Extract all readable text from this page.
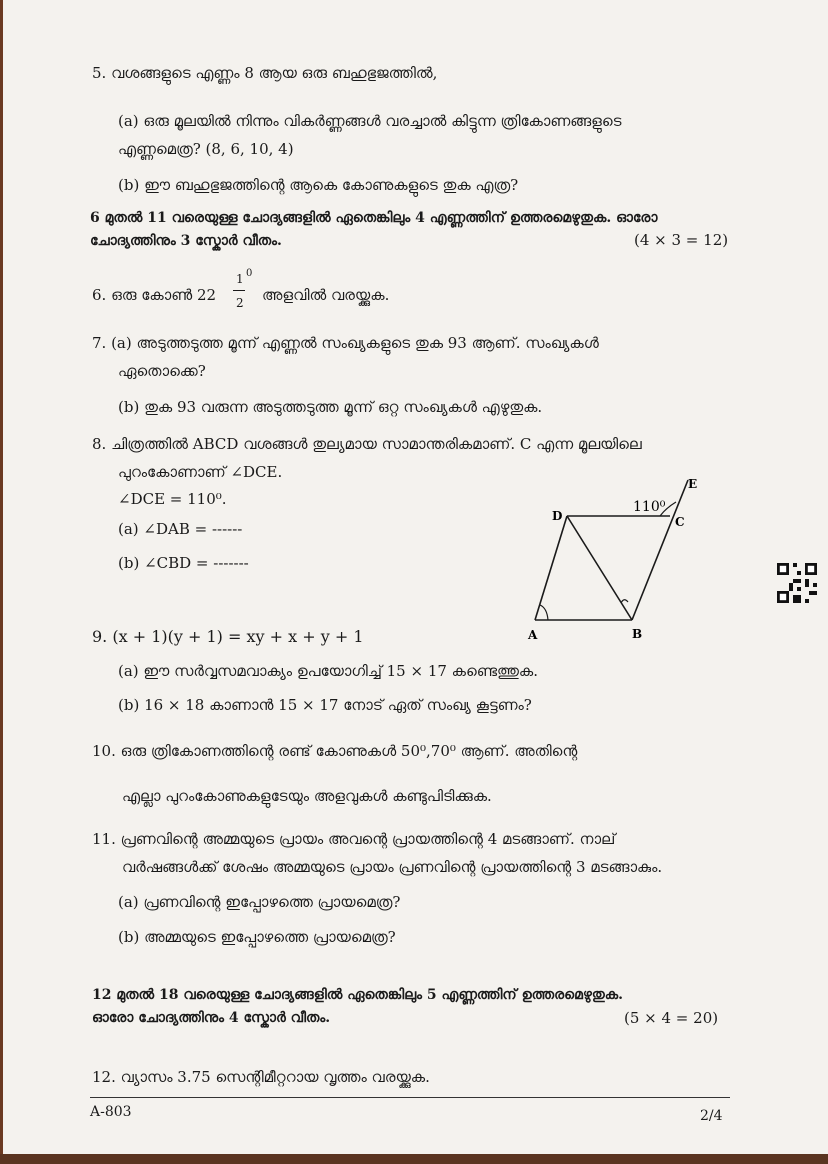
5. വശങ്ങളുടെ എണ്ണം 8 ആയ ഒരു ബഹുഭുജത്തിൽ,
(a) ഒരു മൂലയിൽ നിന്നും വികർണ്ണങ്ങൾ വരച്ചാൽ കിട്ടുന്ന ത്രികോണങ്ങളുടെ
എണ്ണമെത്ര? (8, 6, 10, 4)
(b) ഈ ബഹുഭുജത്തിന്റെ ആകെ കോണുകളുടെ തുക എത്ര?
6 മുതൽ 11 വരെയുള്ള ചോദ്യങ്ങളിൽ ഏതെങ്കിലും 4 എണ്ണത്തിന് ഉത്തരമെഴുതുക. ഓരോ
ചോദ്യത്തിനും 3 സ്കോർ വീതം.	(4 × 3 = 12)
6. ഒരു കോൺ 22
1
2
0
അളവിൽ വരയ്ക്കുക.
7. (a) അടുത്തടുത്ത മൂന്ന് എണ്ണൽ സംഖ്യകളുടെ തുക 93 ആണ്. സംഖ്യകൾ
ഏതൊക്കെ?
(b) തുക 93 വരുന്ന അടുത്തടുത്ത മൂന്ന് ഒറ്റ സംഖ്യകൾ എഴുതുക.
8. ചിത്രത്തിൽ ABCD വശങ്ങൾ തുല്യമായ സാമാന്തരികമാണ്. C എന്ന മൂലയിലെ
പുറംകോണാണ് ∠DCE.
∠DCE = 110⁰.
(a) ∠DAB = ------
(b) ∠CBD = -------
A	B
C
D
E
110⁰
9. (x + 1)(y + 1) = xy + x + y + 1
(a) ഈ സർവ്വസമവാക്യം ഉപയോഗിച്ച് 15 × 17 കണ്ടെത്തുക.
(b) 16 × 18 കാണാൻ 15 × 17 നോട് ഏത് സംഖ്യ കൂട്ടണം?
10. ഒരു ത്രികോണത്തിന്റെ രണ്ട് കോണുകൾ 50⁰,70⁰ ആണ്. അതിന്റെ
എല്ലാ പുറംകോണുകളുടേയും അളവുകൾ കണ്ടുപിടിക്കുക.
11. പ്രണവിന്റെ അമ്മയുടെ പ്രായം അവന്റെ പ്രായത്തിന്റെ 4 മടങ്ങാണ്. നാല്
വർഷങ്ങൾക്ക് ശേഷം അമ്മയുടെ പ്രായം പ്രണവിന്റെ പ്രായത്തിന്റെ 3 മടങ്ങാകും.
(a) പ്രണവിന്റെ ഇപ്പോഴത്തെ പ്രായമെത്ര?
(b) അമ്മയുടെ ഇപ്പോഴത്തെ പ്രായമെത്ര?
12 മുതൽ 18 വരെയുള്ള ചോദ്യങ്ങളിൽ ഏതെങ്കിലും 5 എണ്ണത്തിന് ഉത്തരമെഴുതുക.
ഓരോ ചോദ്യത്തിനും 4 സ്കോർ വീതം.	(5 × 4 = 20)
12. വ്യാസം 3.75 സെന്റിമീറ്ററായ വൃത്തം വരയ്ക്കുക.
A-803	2/4
